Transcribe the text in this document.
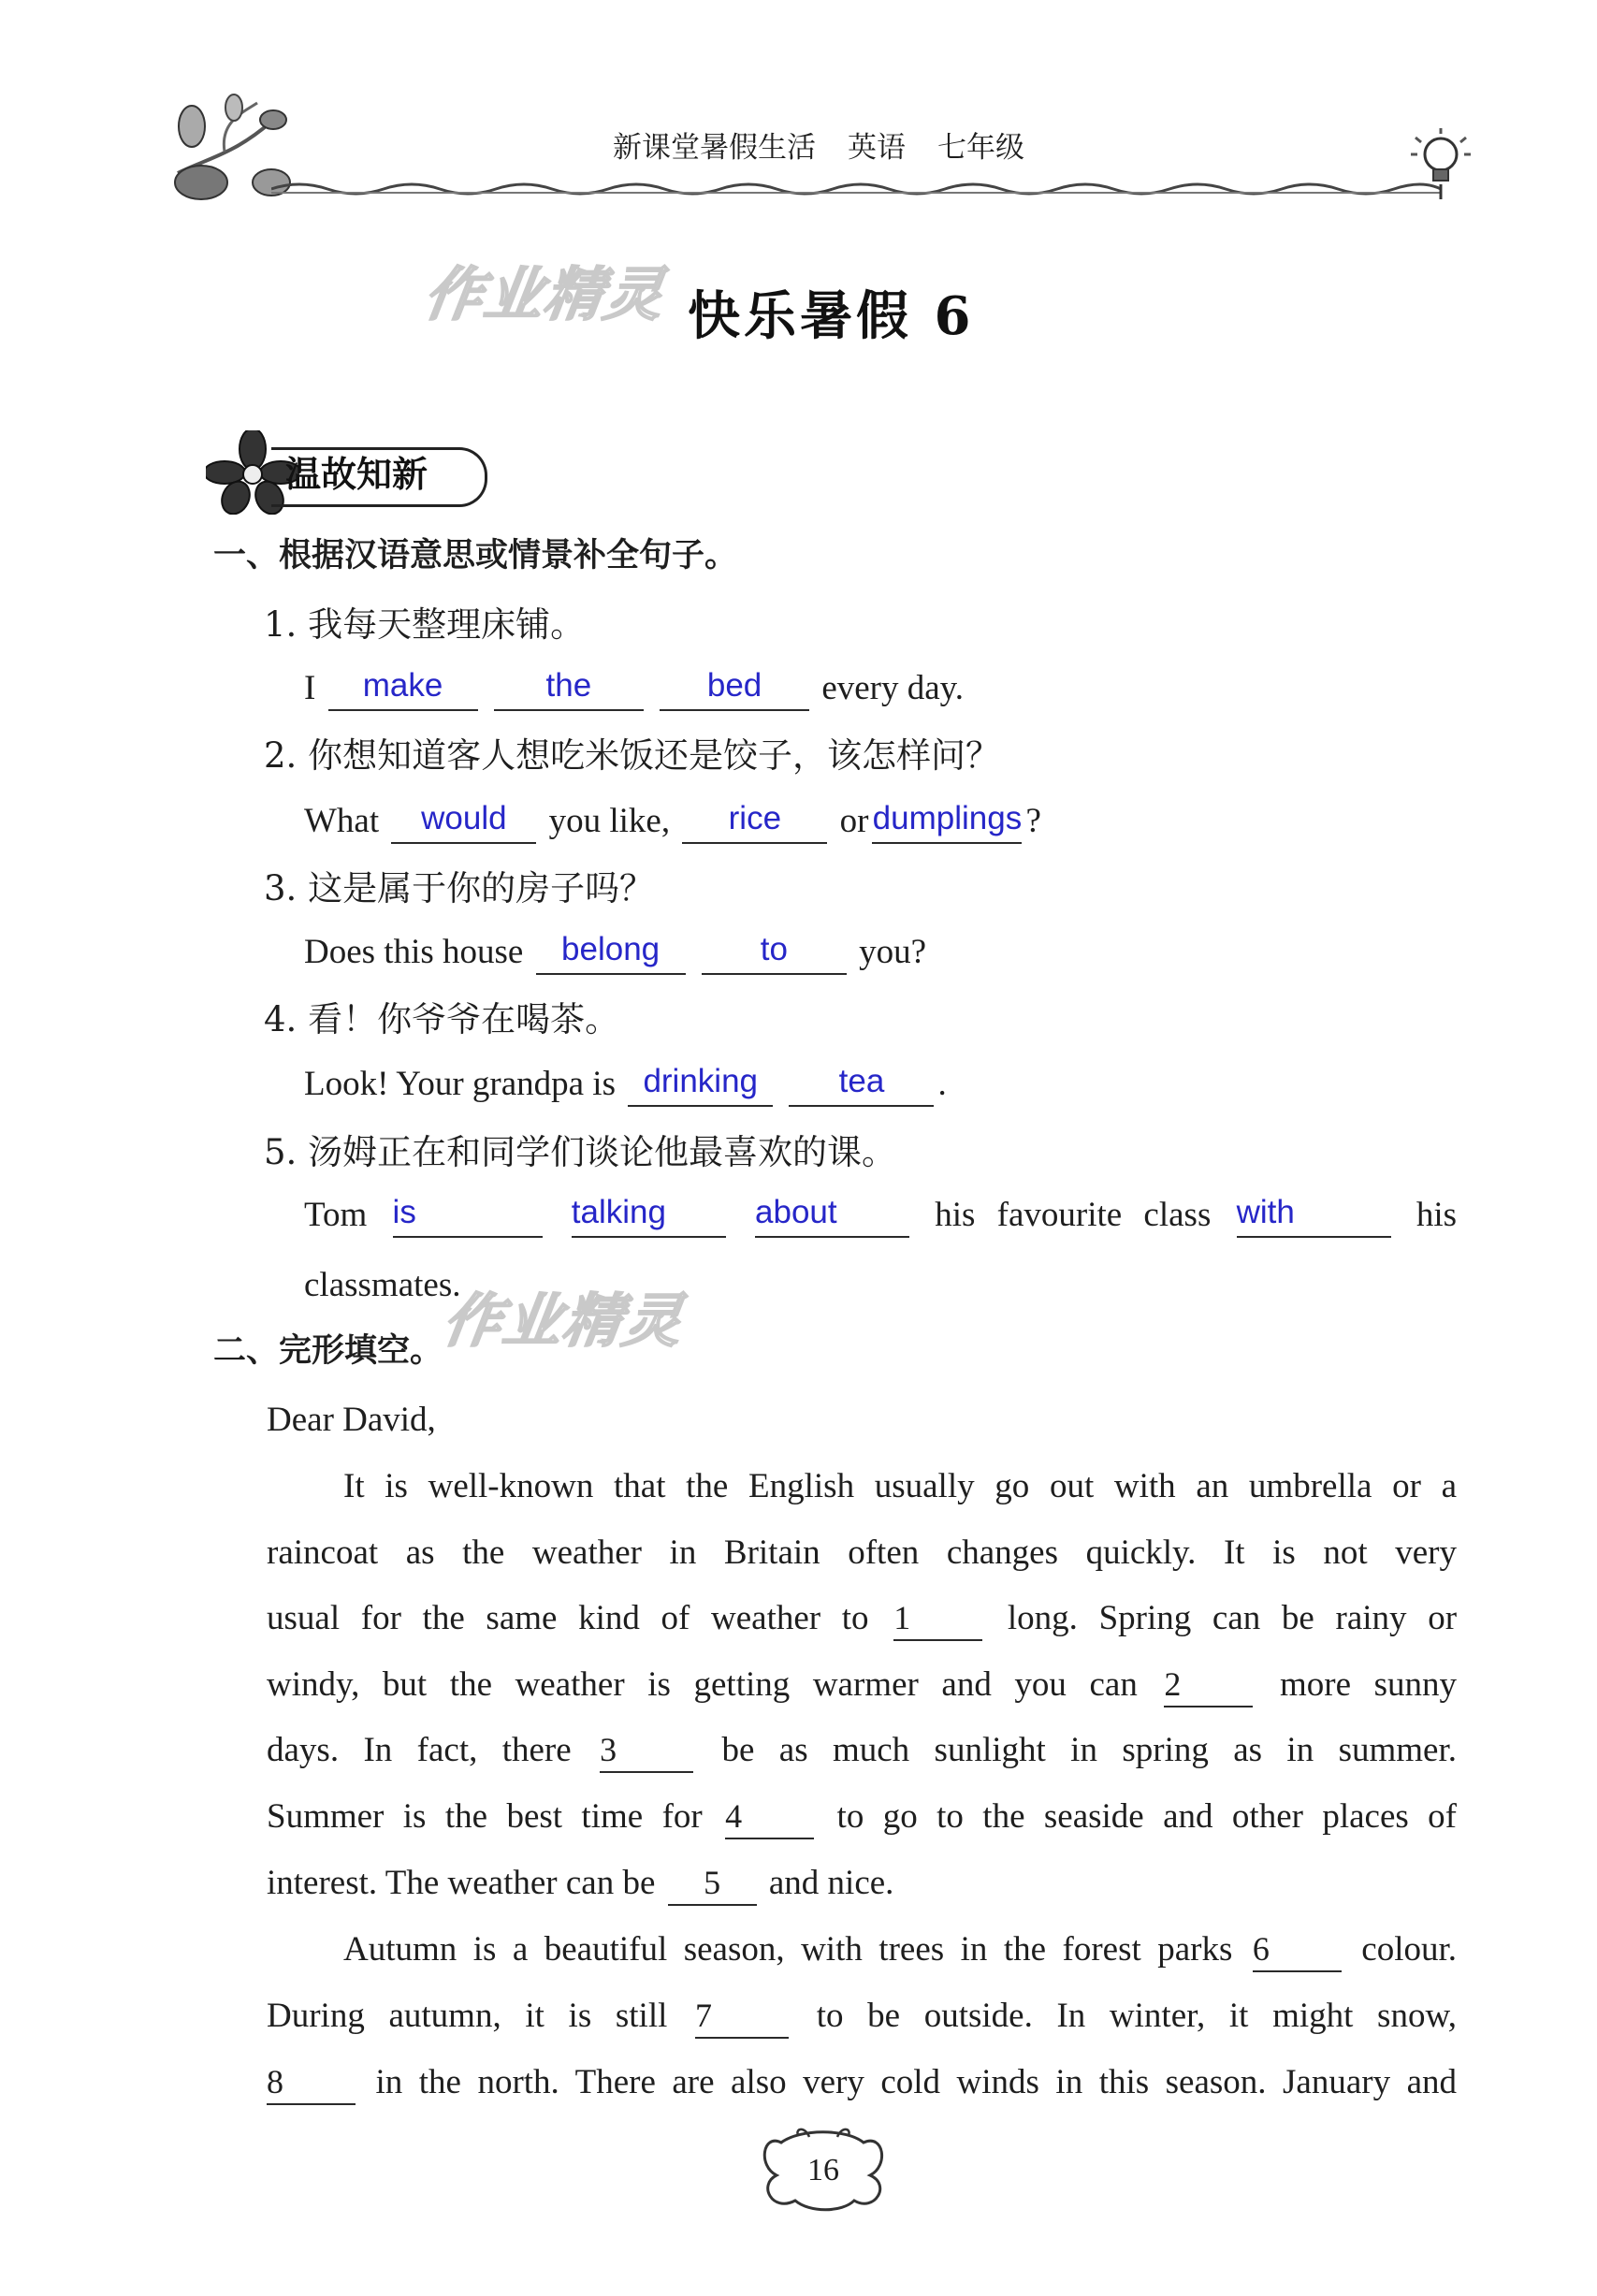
新课堂暑假生活 英语 七年级
作业精灵
作业精灵
快乐暑假 6
温故知新
一、根据汉语意思或情景补全句子。
1. 我每天整理床铺。
I	make
	the
	bed	every day.
2. 你想知道客人想吃米饭还是饺子，该怎样问？
What	would	you like,	rice	or dumplings ?
3. 这是属于你的房子吗？
Does this house	belong
	to	you?
4. 看！你爷爷在喝茶。
Look! Your grandpa is drinking
	tea	.
5. 汤姆正在和同学们谈论他最喜欢的课。
Tom is
	talking
	about	his favourite class with	his
classmates.
二、完形填空。
Dear David,
It is well-known that the English usually go out with an umbrella or a
raincoat as the weather in Britain often changes quickly. It is not very
usual for the same kind of weather to 1	long. Spring can be rainy or
windy, but the weather is getting warmer and you can 2	more sunny
days. In fact, there 3	be as much sunlight in spring as in summer.
Summer is the best time for 4	to go to the seaside and other places of
interest. The weather can be	5	and nice.
Autumn is a beautiful season, with trees in the forest parks 6	colour.
During autumn, it is still 7	to be outside. In winter, it might snow,
8	in the north. There are also very cold winds in this season. January and
16
